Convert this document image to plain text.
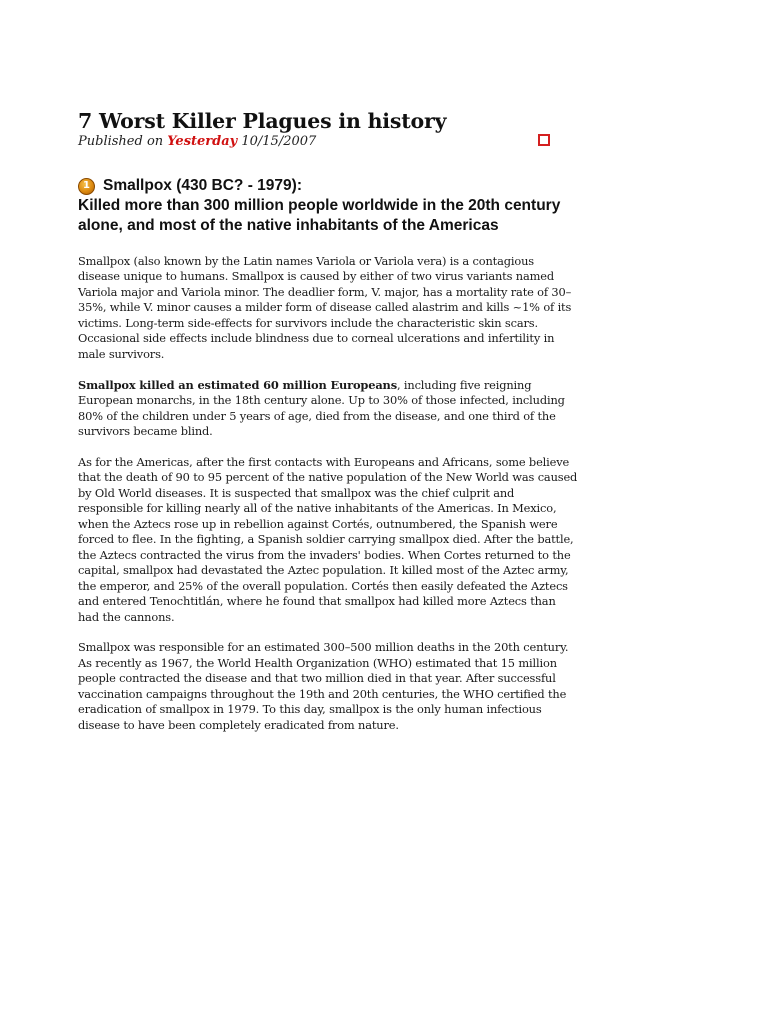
7 Worst Killer Plagues in history
Published on Yesterday 10/15/2007
1 Smallpox (430 BC? - 1979):
Killed more than 300 million people worldwide in the 20th century alone, and most of the native inhabitants of the Americas

Smallpox (also known by the Latin names Variola or Variola vera) is a contagious disease unique to humans. Smallpox is caused by either of two virus variants named Variola major and Variola minor. The deadlier form, V. major, has a mortality rate of 30–35%, while V. minor causes a milder form of disease called alastrim and kills ~1% of its victims. Long-term side-effects for survivors include the characteristic skin scars. Occasional side effects include blindness due to corneal ulcerations and infertility in male survivors.

Smallpox killed an estimated 60 million Europeans, including five reigning European monarchs, in the 18th century alone. Up to 30% of those infected, including 80% of the children under 5 years of age, died from the disease, and one third of the survivors became blind.

As for the Americas, after the first contacts with Europeans and Africans, some believe that the death of 90 to 95 percent of the native population of the New World was caused by Old World diseases. It is suspected that smallpox was the chief culprit and responsible for killing nearly all of the native inhabitants of the Americas. In Mexico, when the Aztecs rose up in rebellion against Cortés, outnumbered, the Spanish were forced to flee. In the fighting, a Spanish soldier carrying smallpox died. After the battle, the Aztecs contracted the virus from the invaders' bodies. When Cortes returned to the capital, smallpox had devastated the Aztec population. It killed most of the Aztec army, the emperor, and 25% of the overall population. Cortés then easily defeated the Aztecs and entered Tenochtitlán, where he found that smallpox had killed more Aztecs than had the cannons.

Smallpox was responsible for an estimated 300–500 million deaths in the 20th century. As recently as 1967, the World Health Organization (WHO) estimated that 15 million people contracted the disease and that two million died in that year. After successful vaccination campaigns throughout the 19th and 20th centuries, the WHO certified the eradication of smallpox in 1979. To this day, smallpox is the only human infectious disease to have been completely eradicated from nature.
